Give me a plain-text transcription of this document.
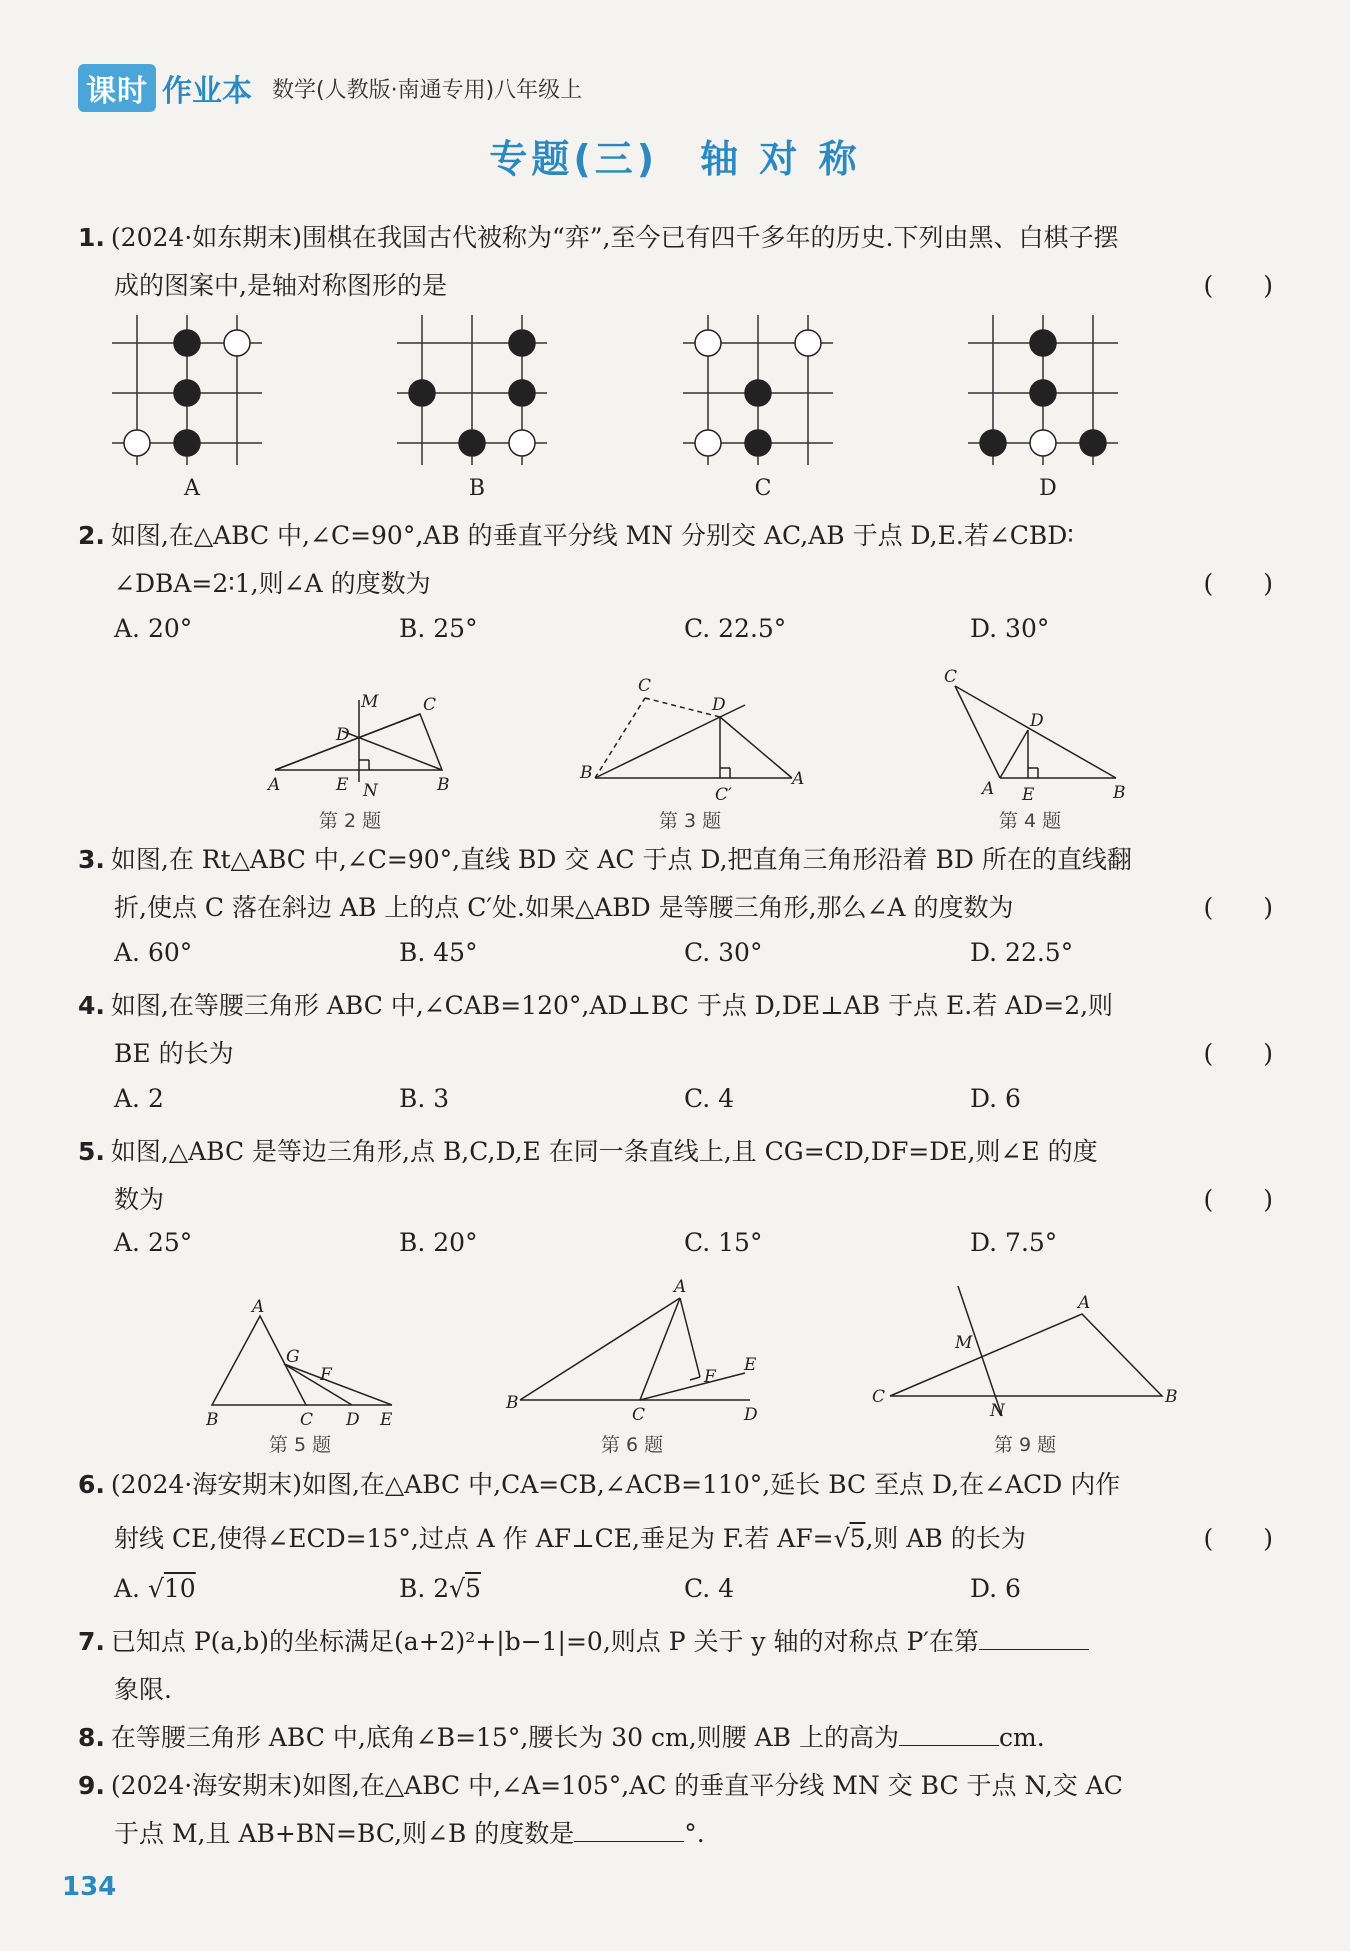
课时 作业本 数学(人教版·南通专用)八年级上
专题(三)　轴 对 称
1. (2024·如东期末)围棋在我国古代被称为“弈”,至今已有四千多年的历史.下列由黑、白棋子摆
成的图案中,是轴对称图形的是	(　　)
A	B	C	D
2. 如图,在△ABC 中,∠C=90°,AB 的垂直平分线 MN 分别交 AC,AB 于点 D,E.若∠CBD∶
∠DBA=2∶1,则∠A 的度数为	(　　)
A. 20°	B. 25°	C. 22.5°	D. 30°
A	E N	B
D
M	C
B
C
D
A
C′
C
D
A E	B
第 2 题	第 3 题	第 4 题
3. 如图,在 Rt△ABC 中,∠C=90°,直线 BD 交 AC 于点 D,把直角三角形沿着 BD 所在的直线翻
折,使点 C 落在斜边 AB 上的点 C′处.如果△ABD 是等腰三角形,那么∠A 的度数为	(　　)
A. 60°	B. 45°	C. 30°	D. 22.5°
4. 如图,在等腰三角形 ABC 中,∠CAB=120°,AD⊥BC 于点 D,DE⊥AB 于点 E.若 AD=2,则
BE 的长为	(　　)
A. 2	B. 3	C. 4	D. 6
5. 如图,△ABC 是等边三角形,点 B,C,D,E 在同一条直线上,且 CG=CD,DF=DE,则∠E 的度
数为	(　　)
A. 25°	B. 20°	C. 15°	D. 7.5°
A
G
F
B	C D E
A
F
E
B
C	D
A
M
C
N
B
第 5 题	第 6 题	第 9 题
6. (2024·海安期末)如图,在△ABC 中,CA=CB,∠ACB=110°,延长 BC 至点 D,在∠ACD 内作
射线 CE,使得∠ECD=15°,过点 A 作 AF⊥CE,垂足为 F.若 AF=√5,则 AB 的长为	(　　)
A. √10	B. 2√5	C. 4	D. 6
7. 已知点 P(a,b)的坐标满足(a+2)²+|b−1|=0,则点 P 关于 y 轴的对称点 P′在第
象限.
8. 在等腰三角形 ABC 中,底角∠B=15°,腰长为 30 cm,则腰 AB 上的高为	cm.
9. (2024·海安期末)如图,在△ABC 中,∠A=105°,AC 的垂直平分线 MN 交 BC 于点 N,交 AC
于点 M,且 AB+BN=BC,则∠B 的度数是	°.
134
